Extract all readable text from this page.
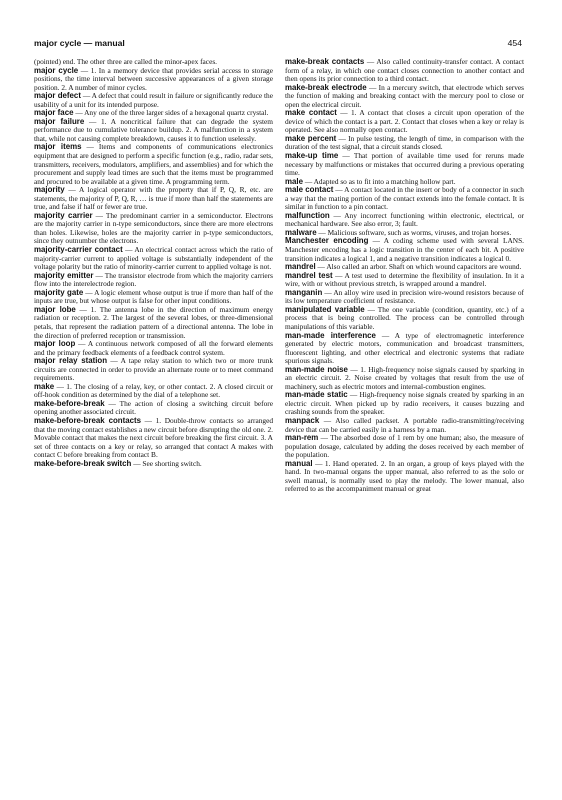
major cycle — manual	454

(pointed) end. The other three are called the minor-apex faces.

major cycle — 1. In a memory device that provides serial access to storage positions, the time interval between successive appearances of a given storage position. 2. A number of minor cycles.

major defect — A defect that could result in failure or significantly reduce the usability of a unit for its intended purpose.

major face — Any one of the three larger sides of a hexagonal quartz crystal.

major failure — 1. A noncritical failure that can degrade the system performance due to cumulative tolerance buildup. 2. A malfunction in a system that, while not causing complete breakdown, causes it to function uselessly.

major items — Items and components of communications electronics equipment that are designed to perform a specific function (e.g., radio, radar sets, transmitters, receivers, modulators, amplifiers, and assemblies) and for which the procurement and supply lead times are such that the items must be programmed and procured to be available at a given time. A programming term.

majority — A logical operator with the property that if P, Q, R, etc. are statements, the majority of P, Q, R, … is true if more than half the statements are true, and false if half or fewer are true.

majority carrier — The predominant carrier in a semiconductor. Electrons are the majority carrier in n-type semiconductors, since there are more electrons than holes. Likewise, holes are the majority carrier in p-type semiconductors, since they outnumber the electrons.

majority-carrier contact — An electrical contact across which the ratio of majority-carrier current to applied voltage is substantially independent of the voltage polarity but the ratio of minority-carrier current to applied voltage is not.

majority emitter — The transistor electrode from which the majority carriers flow into the interelectrode region.

majority gate — A logic element whose output is true if more than half of the inputs are true, but whose output is false for other input conditions.

major lobe — 1. The antenna lobe in the direction of maximum energy radiation or reception. 2. The largest of the several lobes, or three-dimensional petals, that represent the radiation pattern of a directional antenna. The lobe in the direction of preferred reception or transmission.

major loop — A continuous network composed of all the forward elements and the primary feedback elements of a feedback control system.

major relay station — A tape relay station to which two or more trunk circuits are connected in order to provide an alternate route or to meet command requirements.

make — 1. The closing of a relay, key, or other contact. 2. A closed circuit or off-hook condition as determined by the dial of a telephone set.

make-before-break — The action of closing a switching circuit before opening another associated circuit.

make-before-break contacts — 1. Double-throw contacts so arranged that the moving contact establishes a new circuit before disrupting the old one. 2. Movable contact that makes the next circuit before breaking the first circuit. 3. A set of three contacts on a key or relay, so arranged that contact A makes with contact C before breaking from contact B.

make-before-break switch — See shorting switch.

make-break contacts — Also called continuity-transfer contact. A contact form of a relay, in which one contact closes connection to another contact and then opens its prior connection to a third contact.

make-break electrode — In a mercury switch, that electrode which serves the function of making and breaking contact with the mercury pool to close or open the electrical circuit.

make contact — 1. A contact that closes a circuit upon operation of the device of which the contact is a part. 2. Contact that closes when a key or relay is operated. See also normally open contact.

make percent — In pulse testing, the length of time, in comparison with the duration of the test signal, that a circuit stands closed.

make-up time — That portion of available time used for reruns made necessary by malfunctions or mistakes that occurred during a previous operating time.

male — Adapted so as to fit into a matching hollow part.

male contact — A contact located in the insert or body of a connector in such a way that the mating portion of the contact extends into the female contact. It is similar in function to a pin contact.

malfunction — Any incorrect functioning within electronic, electrical, or mechanical hardware. See also error, 3; fault.

malware — Malicious software, such as worms, viruses, and trojan horses.

Manchester encoding — A coding scheme used with several LANS. Manchester encoding has a logic transition in the center of each bit. A positive transition indicates a logical 1, and a negative transition indicates a logical 0.

mandrel — Also called an arbor. Shaft on which wound capacitors are wound.

mandrel test — A test used to determine the flexibility of insulation. In it a wire, with or without previous stretch, is wrapped around a mandrel.

manganin — An alloy wire used in precision wire-wound resistors because of its low temperature coefficient of resistance.

manipulated variable — The one variable (condition, quantity, etc.) of a process that is being controlled. The process can be controlled through manipulations of this variable.

man-made interference — A type of electromagnetic interference generated by electric motors, communication and broadcast transmitters, fluorescent lighting, and other electrical and electronic systems that radiate spurious signals.

man-made noise — 1. High-frequency noise signals caused by sparking in an electric circuit. 2. Noise created by voltages that result from the use of machinery, such as electric motors and internal-combustion engines.

man-made static — High-frequency noise signals created by sparking in an electric circuit. When picked up by radio receivers, it causes buzzing and crashing sounds from the speaker.

manpack — Also called packset. A portable radio-transmitting/receiving device that can be carried easily in a harness by a man.

man-rem — The absorbed dose of 1 rem by one human; also, the measure of population dosage, calculated by adding the doses received by each member of the population.

manual — 1. Hand operated. 2. In an organ, a group of keys played with the hand. In two-manual organs the upper manual, also referred to as the solo or swell manual, is normally used to play the melody. The lower manual, also referred to as the accompaniment manual or great
